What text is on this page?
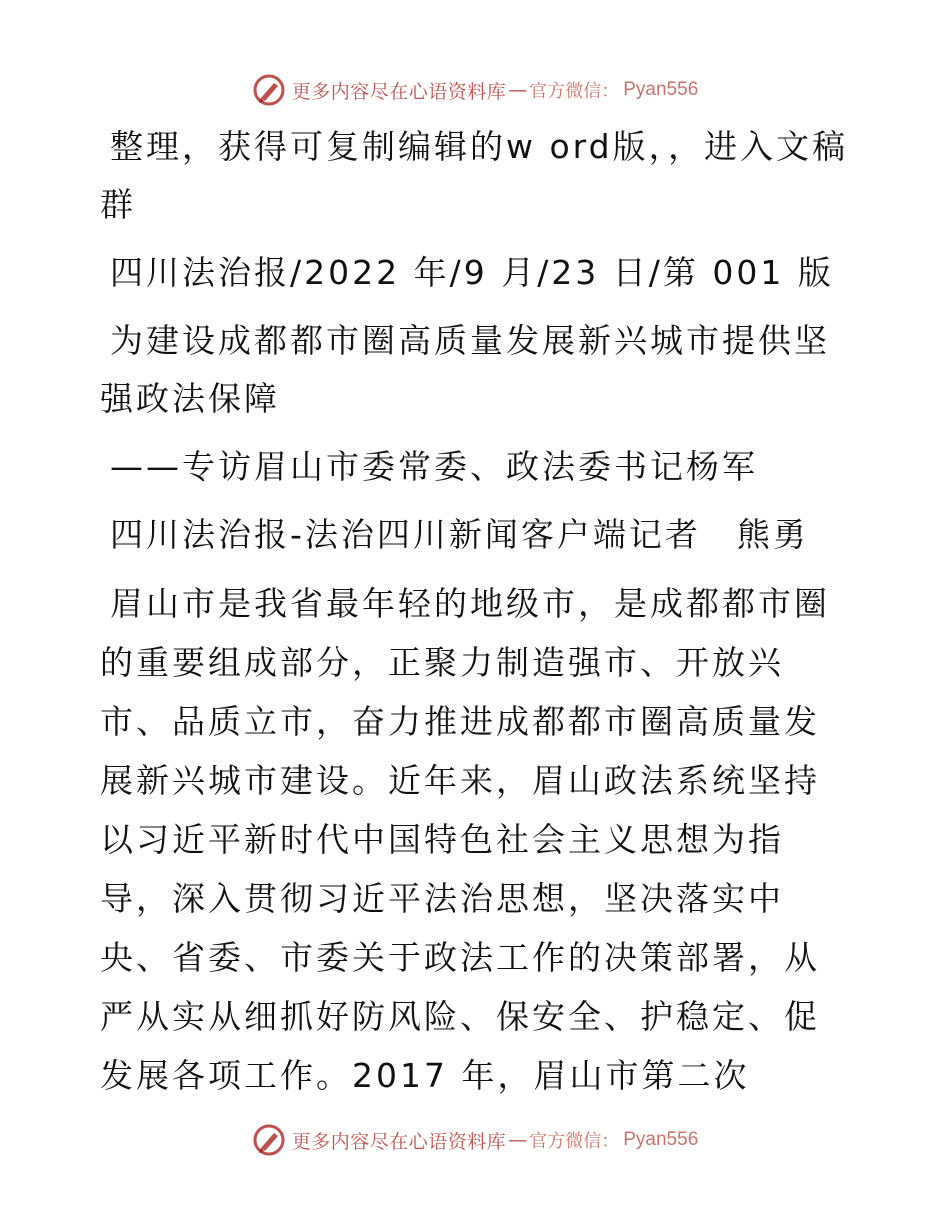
更多内容尽在心语资料库 — 官方微信： Pyan556

整理，获得可复制编辑的w ord版，，进入文稿群

四川法治报/2022 年/9 月/23 日/第 001 版

为建设成都都市圈高质量发展新兴城市提供坚强政法保障

——专访眉山市委常委、政法委书记杨军

四川法治报-法治四川新闻客户端记者　熊勇

眉山市是我省最年轻的地级市，是成都都市圈的重要组成部分，正聚力制造强市、开放兴市、品质立市，奋力推进成都都市圈高质量发展新兴城市建设。近年来，眉山政法系统坚持以习近平新时代中国特色社会主义思想为指导，深入贯彻习近平法治思想，坚决落实中央、省委、市委关于政法工作的决策部署，从严从实从细抓好防风险、保安全、护稳定、促发展各项工作。2017 年，眉山市第二次

更多内容尽在心语资料库 — 官方微信： Pyan556
